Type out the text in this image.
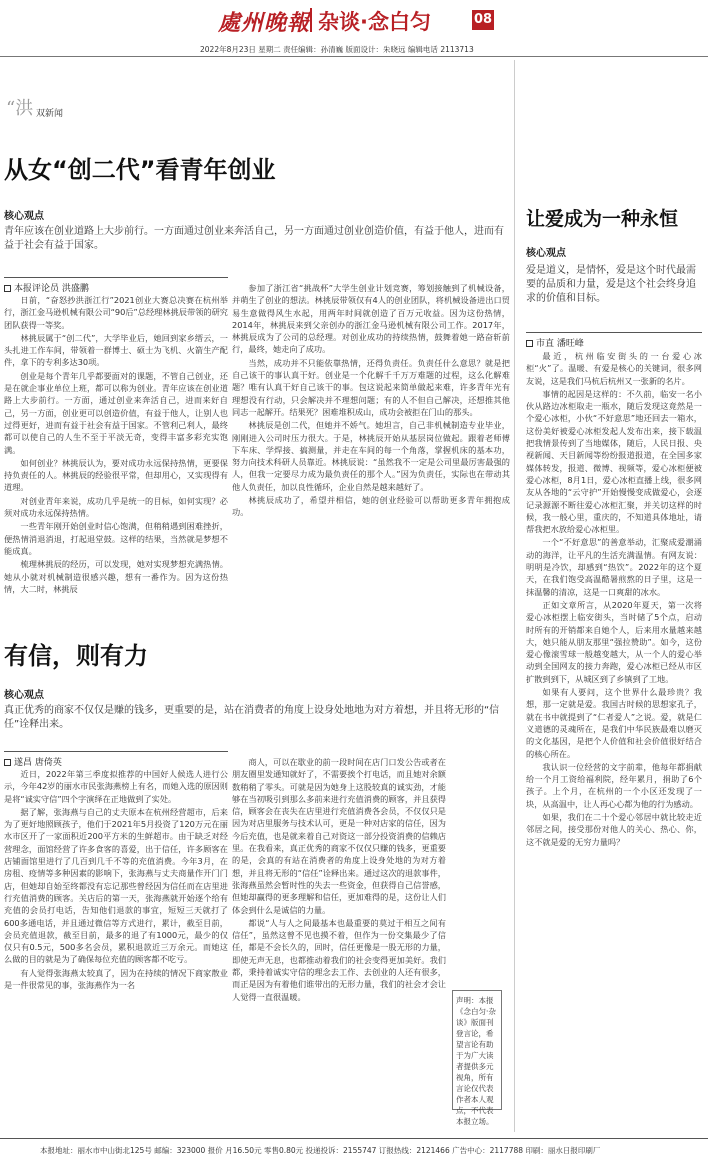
處州晚報 杂谈·念白匀	08
2022年8月23日 星期二 责任编辑：孙清巍 版面设计：朱晓远 编辑电话 2113713
“洪 双新闻
从女“创二代”看青年创业
核心观点
青年应该在创业道路上大步前行。一方面通过创业来奔活自己，另一方面通过创业创造价值，有益于他人，进而有益于社会有益于国家。
本报评论员 洪盛鹏

日前，“奋怒抄洪浙江行”2021创业大赛总决赛在杭州举行，浙江金马逊机械有限公司“90后”总经理林挑辰带领的研究团队获得一等奖。

林挑辰属于“创二代”，大学毕业后，她回到家乡缙云，一头扎进工作车间，带领着一群博士、硕士为飞机、火箭生产配件，拿下的专利多达30项。

创业是每个青年几乎都要面对的课题，不管自己创业，还是在就企事业单位上班，都可以称为创业。青年应该在创业道路上大步前行。一方面，通过创业来奔活自己，进而来好自己，另一方面，创业更可以创造价值，有益于他人，让别人也过得更好，进而有益于社会有益于国家。不管利己利人，最终都可以使自己的人生不至于平淡无奇，变得丰富多彩充实饱满。

如何创业？林挑辰认为，要对成功永远保持热情，更要保持负责任的人。林挑辰的经验很平常，但却用心，又实现得有道理。

对创业青年来说，成功几乎是统一的目标，如何实现？必须对成功永远保持热情。

一些青年刚开始创业时信心饱满，但稍稍遇到困难挫折，便热情消退消退，打起退堂鼓。这样的结果，当然就是梦想不能成真。

梳理林挑辰的经历，可以发现，她对实现梦想充满热情。她从小就对机械制造很感兴趣，想有一番作为。因为这份热情，大二时，林挑辰

参加了浙江省“挑战杯”大学生创业计划竞赛，筹划接触到了机械设备，并萌生了创业的想法。林挑辰带领仅有4人的创业团队，将机械设备进出口贸易生意做得风生水起，用两年时间就创造了百万元收益。因为这份热情，2014年，林挑辰来到父亲创办的浙江金马逊机械有限公司工作。2017年，林挑辰成为了公司的总经理。对创业成功的持续热情，鼓舞着她一路奋斩前行，最终，她走向了成功。

当然，成功并不只能依靠热情，还得负责任。负责任什么意思？就是把自己该干的事认真干好。创业是一个化解千千万万难题的过程，这么化解难题？唯有认真干好自己该干的事。包这说起来简单做起来难，许多青年光有理想没有行动，只会解决并不理想问题；有的人不但自己解决，还想推其他同志一起解开。结果死？困难堆积成山，成功会被拒在门山的那头。

林挑辰是创二代，但她并不娇气。她坦言，自己非机械制造专业毕业，刚刚进入公司时压力很大。于是，林挑辰开始从基层岗位做起。跟着老师傅下车床、学焊接、搞测量，并走在车间的每一个角落，掌握机床的基本功，努力向技术科研人员靠近。林挑辰说：“虽然我不一定是公司里最厉害最强的人，但我一定要尽力成为最负责任的那个人。”因为负责任，实际也在带动其他人负责任，加以良性循环，企业自然是越来越好了。

林挑辰成功了，希望并相信，她的创业经验可以帮助更多青年拥抱成功。

有信，则有力
核心观点
真正优秀的商家不仅仅是赚的钱多，更重要的是，站在消费者的角度上设身处地地为对方着想，并且将无形的“信任”诠释出来。
遂昌 唐倚英

近日，2022年第三季度拟推荐的中国好人候选人进行公示，今年42岁的丽水市民张海燕榜上有名，而她入选的原因则是将“诚实守信”四个字演绎在正地做到了实处。

据了解，张海燕与自己的丈夫原本在杭州经营超市，后来为了更好地照顾孩子，他们于2021年5月投资了120万元在丽水市区开了一家面积近200平方米的生鲜超市。由于缺乏对经营理念，面馆经营了许多食客的喜爱，出于信任，许多顾客在店铺面馆里进行了几百到几千不等的充值消费。今年3月，在房租、疫情等多种因素的影响下，张海燕与丈夫商量作开门门店，但她却自始至终都没有忘记那些曾经因为信任而在店里进行充值消费的顾客。关店后的第一天，张海燕就开始逐个给有充值的会员打电话，告知他们退款的事宜，短短三天就打了600多通电话，并且通过微信等方式进行，累计，截至目前，会员充值退款，截至目前，最多的退了有1000元，最少的仅仅只有0.5元，500多名会员，累积退款近三万余元。而她这么做的目的就是为了确保每位充值的顾客都不吃亏。

有人觉得张海燕太较真了，因为在持续的情况下商家散业是一件很常见的事，张海燕作为一名

商人，可以在歇业的前一段时间在店门口发公告或者在朋友圈里发通知就好了，不需要挨个打电话，而且她对余额数稍稍了零头。可就是因为她身上这股较真的诚实劲，才能够在当初吸引到那么多前来进行充值消费的顾客，并且获得信，顾客会在丧失在店里进行充值消费各会员，不仅仅只是因为对店里服务与技术认可，更是一种对店家的信任，因为今后充值，也是就来着自己对资这一部分投资消费的信赖店里。在我看来，真正优秀的商家不仅仅只赚的钱多，更重要的是，会真的有站在消费者的角度上设身处地的为对方着想，并且将无形的“信任”诠释出来。通过这次的退款事件，张海燕虽然会暂时性的失去一些资金，但获得自己信誉感，但她却赢得的更多理解和信任，更加难得的是，这份让人们体会到什么是诚信的力量。

都说“人与人之间最基本也最重要的莫过于相互之间有信任”，虽然这曾不见也摸不着，但作为一份交集最少了信任，都是不会长久的，回时，信任更像是一股无形的力量，即使无声无息，也都推动着我们的社会变得更加美好。我们都，秉持着诚实守信的理念去工作、去创业的人还有很多，而正是因为有着他们谁带出的无形力量，我们的社会才会让人觉得一直很温暖。	声明：本报《念白匀·杂谈》版面刊登言论，希望言论有助于为广大读者提供多元视角，所有言论仅代表作者本人观点，不代表本报立场。
让爱成为一种永恒
核心观点
爱是道义，是情怀，爱是这个时代最需要的品质和力量，爱是这个社会终身追求的价值和目标。
市直 潘旺峰

最近，杭州临安街头的一台爱心冰柜“火”了。温暖、有爱是核心的关键词，很多网友说，这是我们马杭后杭州又一张新的名片。

事情的起因是这样的：不久前，临安一名小伙从路边冰柜取走一瓶水，随后发现这竟然是一个爱心冰柜，小伙“不好意思”地还回去一箱水，这份美好被爱心冰柜发起人发布出来，接下载温把我情景传到了当地媒体，随后，人民日报、央视新闻、天目新闻等纷纷报道报道，在全国多家媒体转发，报道、微博、视频等，爱心冰柜便被爱心冰柜，8月1日，爱心冰柜直播上线，很多网友从各地的“云守护”开始慢慢变成做爱心，会逐记录源源不断往爱心冰柜汇聚，并关切这样的时候，我一般心里，重庆的，不知道具体地址，请帮我把水放给爱心冰柜里。

一个“不好意思”的善意举动，汇聚成爱潮涌动的海洋，让平凡的生活充满温情。有网友说：明明是冷饮，却感到“热饮”。2022年的这个夏天，在我们饱受高温酷暑煎熬的日子里，这是一抹温馨的清凉，这是一口爽甜的冰水。

正如文章所言，从2020年夏天，第一次将爱心冰柜摆上临安街头，当时储了5个点，启动时所有的开销都来自她个人，后来用水量越来越大，她只能从朋友那里“强拉赞助”。如今，这份爱心像滚雪球一般越变越大，从一个人的爱心举动到全国网友的接力奔跑，爱心冰柜已经从市区扩散到到下，从城区到了乡镇到了工地。

如果有人要问，这个世界什么最珍贵？我想，那一定就是爱。我国古时候的思想家孔子，就在书中就提到了“仁者爱人”之说。爱，就是仁义道德的灵魂所在，是我们中华民族最难以磨灭的文化基因，是把个人价值和社会价值很好结合的核心所在。

我认识一位经营的文字前辈，他每年都捐献给一个月工资给福利院，经年累月，捐助了6个孩子。上个月，在杭州的一个小区还发现了一块，从高温中，让人再心心都为他的行为感动。

如果，我们在二十个爱心邻居中就比较走近邻居之间，接受那份对他人的关心、热心、你，这不就是爱的无穷力量吗？

本报地址：丽水市中山街北125号 邮编：323000 报价 月16.50元 零售0.80元 投递投诉：2155747 订报热线：2121466 广告中心：2117788 印刷：丽水日报印刷厂
